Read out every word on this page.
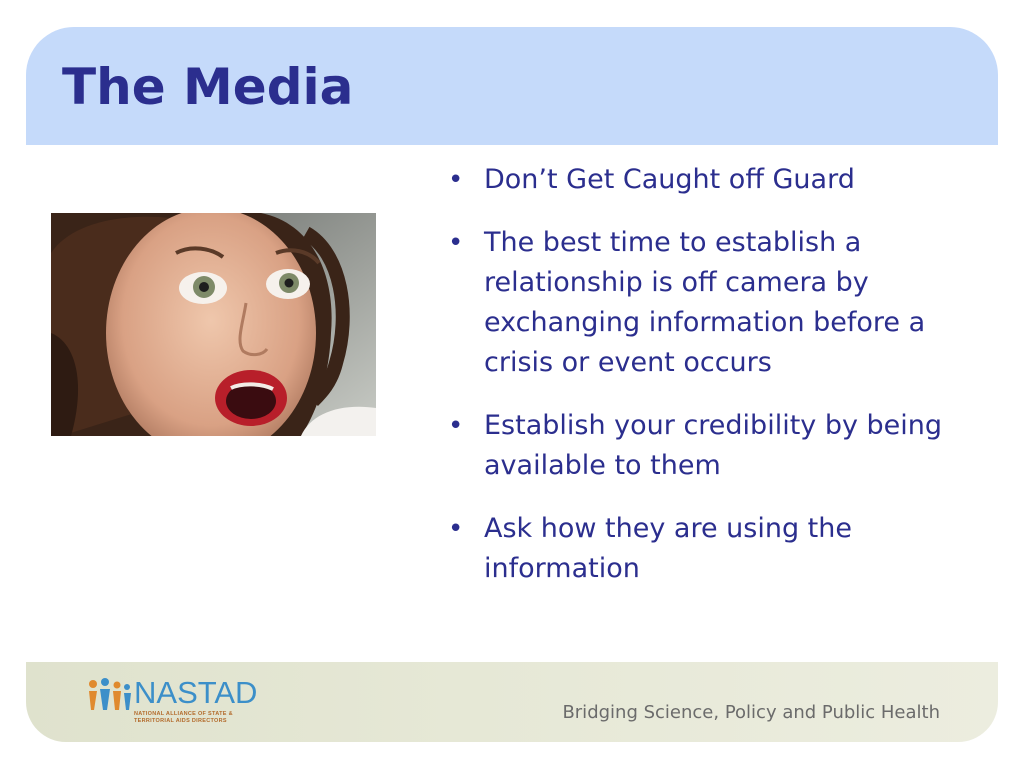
The Media
• Don’t Get Caught off Guard
• The best time to establish a relationship is off camera by exchanging information before a crisis or event occurs
• Establish your credibility by being available to them
• Ask how they are using the information
NASTAD
NATIONAL ALLIANCE OF STATE & TERRITORIAL AIDS DIRECTORS	Bridging Science, Policy and Public Health
